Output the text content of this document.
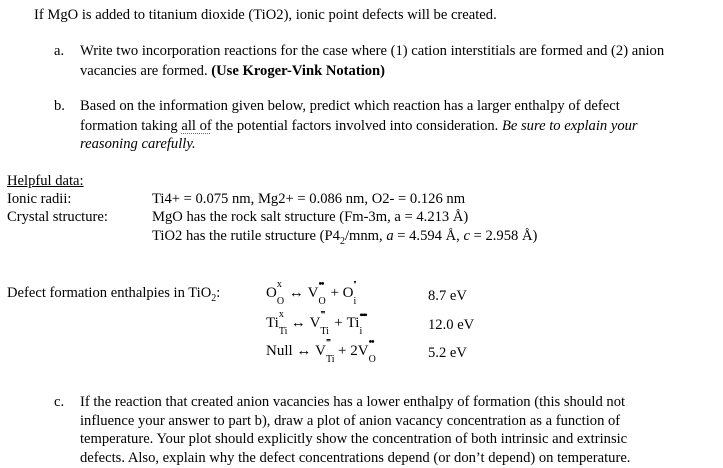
If MgO is added to titanium dioxide (TiO2), ionic point defects will be created.
a. Write two incorporation reactions for the case where (1) cation interstitials are formed and (2) anion
vacancies are formed. (Use Kroger-Vink Notation)
b. Based on the information given below, predict which reaction has a larger enthalpy of defect
formation taking all of the potential factors involved into consideration. Be sure to explain your
reasoning carefully.
Helpful data:
Ionic radii:	Ti4+ = 0.075 nm, Mg2+ = 0.086 nm, O2- = 0.126 nm
Crystal structure:	MgO has the rock salt structure (Fm-3m, a = 4.213 Å)
TiO2 has the rutile structure ($P4_2$/mnm, a = 4.594 Å, c = 2.958 Å)
Defect formation enthalpies in TiO$_2$:	O
x
O
↔ V
••
O
+ O ''
i	8.7 eV
Ti
x
Ti
↔ V ''''
Ti
+ Ti ••••
i	12.0 eV
Null ↔ V ''''
Ti
+ 2V
••
O	5.2 eV
c. If the reaction that created anion vacancies has a lower enthalpy of formation (this should not
influence your answer to part b), draw a plot of anion vacancy concentration as a function of
temperature. Your plot should explicitly show the concentration of both intrinsic and extrinsic
defects. Also, explain why the defect concentrations depend (or don’t depend) on temperature.
